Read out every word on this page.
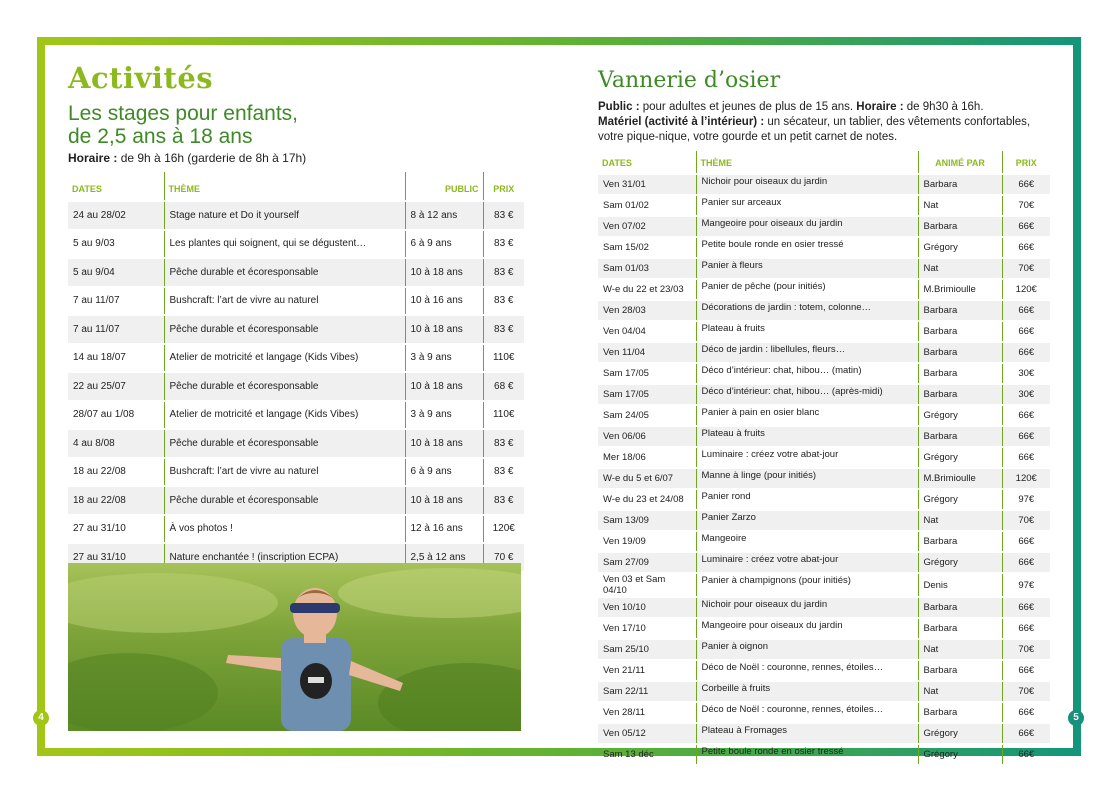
4	5
Activités
Les stages pour enfants,
de 2,5 ans à 18 ans
Horaire : de 9h à 16h (garderie de 8h à 17h)
DATES	THÈME	PUBLIC	PRIX
24 au 28/02	Stage nature et Do it yourself	8 à 12 ans	83 €
5 au 9/03	Les plantes qui soignent, qui se dégustent…	6 à 9 ans	83 €
5 au 9/04	Pêche durable et écoresponsable	10 à 18 ans	83 €
7 au 11/07	Bushcraft: l’art de vivre au naturel	10 à 16 ans	83 €
7 au 11/07	Pêche durable et écoresponsable	10 à 18 ans	83 €
14 au 18/07	Atelier de motricité et langage (Kids Vibes)	3 à 9 ans	110€
22 au 25/07	Pêche durable et écoresponsable	10 à 18 ans	68 €
28/07 au 1/08	Atelier de motricité et langage (Kids Vibes)	3 à 9 ans	110€
4 au 8/08	Pêche durable et écoresponsable	10 à 18 ans	83 €
18 au 22/08	Bushcraft: l’art de vivre au naturel	6 à 9 ans	83 €
18 au 22/08	Pêche durable et écoresponsable	10 à 18 ans	83 €
27 au 31/10	À vos photos !	12 à 16 ans	120€
27 au 31/10	Nature enchantée ! (inscription ECPA)	2,5 à 12 ans	70 €
Vannerie d’osier
Public : pour adultes et jeunes de plus de 15 ans. Horaire : de 9h30 à 16h.
Matériel (activité à l’intérieur) : un sécateur, un tablier, des vêtements confortables, votre pique-nique, votre gourde et un petit carnet de notes.
DATES	THÈME	ANIMÉ PAR	PRIX
Ven 31/01	Nichoir pour oiseaux du jardin	Barbara	66€
Sam 01/02	Panier sur arceaux	Nat	70€
Ven 07/02	Mangeoire pour oiseaux du jardin	Barbara	66€
Sam 15/02	Petite boule ronde en osier tressé	Grégory	66€
Sam 01/03	Panier à fleurs	Nat	70€
W-e du 22 et 23/03	Panier de pêche (pour initiés)	M.Brimioulle	120€
Ven 28/03	Décorations de jardin : totem, colonne…	Barbara	66€
Ven 04/04	Plateau à fruits	Barbara	66€
Ven 11/04	Déco de jardin : libellules, fleurs…	Barbara	66€
Sam 17/05	Déco d’intérieur: chat, hibou… (matin)	Barbara	30€
Sam 17/05	Déco d’intérieur: chat, hibou… (après-midi)	Barbara	30€
Sam 24/05	Panier à pain en osier blanc	Grégory	66€
Ven 06/06	Plateau à fruits	Barbara	66€
Mer 18/06	Luminaire : créez votre abat-jour	Grégory	66€
W-e du 5 et 6/07	Manne à linge (pour initiés)	M.Brimioulle	120€
W-e du 23 et 24/08	Panier rond	Grégory	97€
Sam 13/09	Panier Zarzo	Nat	70€
Ven 19/09	Mangeoire	Barbara	66€
Sam 27/09	Luminaire : créez votre abat-jour	Grégory	66€
Ven 03 et Sam 04/10	Panier à champignons (pour initiés)	Denis	97€
Ven 10/10	Nichoir pour oiseaux du jardin	Barbara	66€
Ven 17/10	Mangeoire pour oiseaux du jardin	Barbara	66€
Sam 25/10	Panier à oignon	Nat	70€
Ven 21/11	Déco de Noël : couronne, rennes, étoiles…	Barbara	66€
Sam 22/11	Corbeille à fruits	Nat	70€
Ven 28/11	Déco de Noël : couronne, rennes, étoiles…	Barbara	66€
Ven 05/12	Plateau à Fromages	Grégory	66€
Sam 13 déc	Petite boule ronde en osier tressé	Grégory	66€
